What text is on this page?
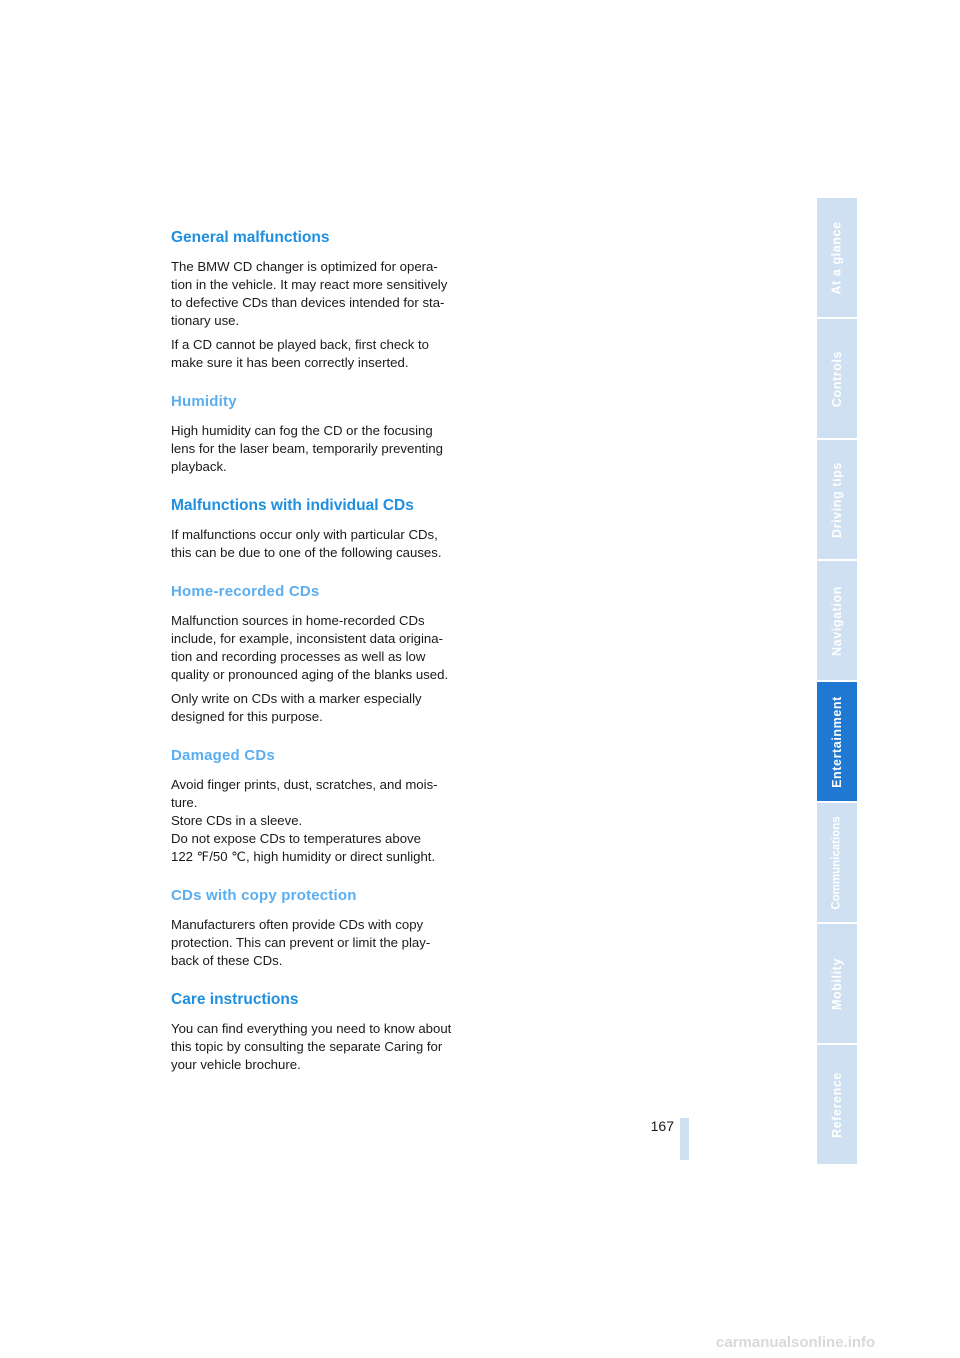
General malfunctions

The BMW CD changer is optimized for opera-
tion in the vehicle. It may react more sensitively
to defective CDs than devices intended for sta-
tionary use.

If a CD cannot be played back, first check to
make sure it has been correctly inserted.

Humidity

High humidity can fog the CD or the focusing
lens for the laser beam, temporarily preventing
playback.

Malfunctions with individual CDs

If malfunctions occur only with particular CDs,
this can be due to one of the following causes.

Home-recorded CDs

Malfunction sources in home-recorded CDs
include, for example, inconsistent data origina-
tion and recording processes as well as low
quality or pronounced aging of the blanks used.

Only write on CDs with a marker especially
designed for this purpose.

Damaged CDs

Avoid finger prints, dust, scratches, and mois-
ture.
Store CDs in a sleeve.
Do not expose CDs to temperatures above
122 ℉/50 ℃, high humidity or direct sunlight.

CDs with copy protection

Manufacturers often provide CDs with copy
protection. This can prevent or limit the play-
back of these CDs.

Care instructions

You can find everything you need to know about
this topic by consulting the separate Caring for
your vehicle brochure.

At a glance
Controls
Driving tips
Navigation
Entertainment
Communications
Mobility
Reference
167
carmanualsonline.info
